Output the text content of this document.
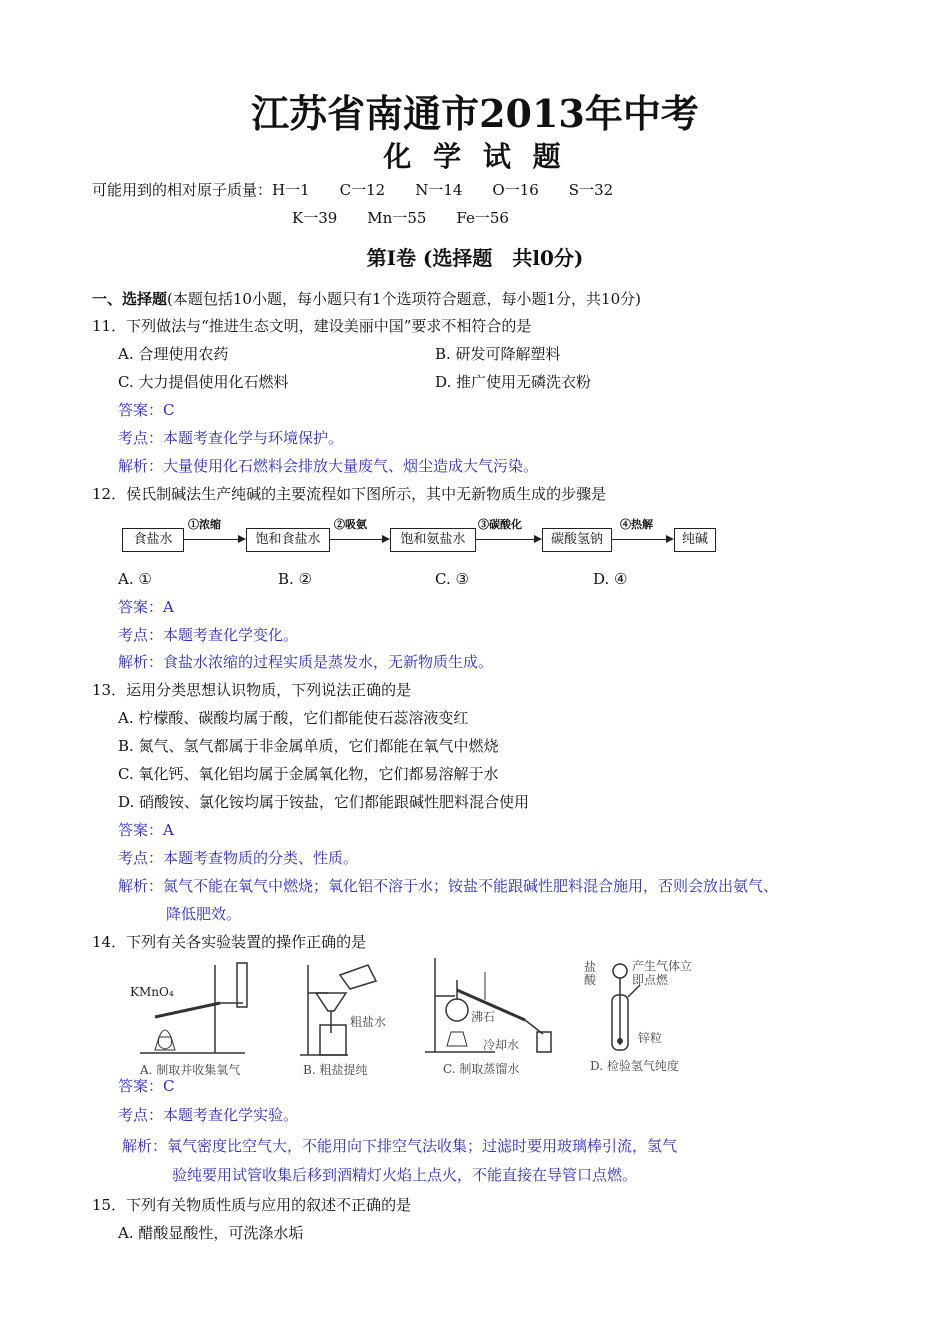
江苏省南通市2013年中考
化 学 试 题
可能用到的相对原子质量：H一1　　C一12　　N一14　　O一16　　S一32
K一39　　Mn一55　　Fe一56
第Ⅰ卷 (选择题　共l0分)
一、选择题(本题包括10小题，每小题只有1个选项符合题意，每小题1分，共10分)
11．下列做法与“推进生态文明，建设美丽中国”要求不相符合的是
A. 合理使用农药	B. 研发可降解塑料
C. 大力提倡使用化石燃料	D. 推广使用无磷洗衣粉
答案：C
考点：本题考查化学与环境保护。
解析：大量使用化石燃料会排放大量废气、烟尘造成大气污染。
12．侯氏制碱法生产纯碱的主要流程如下图所示，其中无新物质生成的步骤是
食盐水
①浓缩
饱和食盐水
②吸氨
饱和氨盐水
③碳酸化
碳酸氢钠
④热解
纯碱
A. ①	B. ②	C. ③	D. ④
答案：A
考点：本题考查化学变化。
解析：食盐水浓缩的过程实质是蒸发水，无新物质生成。
13．运用分类思想认识物质，下列说法正确的是
A. 柠檬酸、碳酸均属于酸，它们都能使石蕊溶液变红
B. 氮气、氢气都属于非金属单质，它们都能在氧气中燃烧
C. 氧化钙、氧化铝均属于金属氧化物，它们都易溶解于水
D. 硝酸铵、氯化铵均属于铵盐，它们都能跟碱性肥料混合使用
答案：A
考点：本题考查物质的分类、性质。
解析：氮气不能在氧气中燃烧；氧化铝不溶于水；铵盐不能跟碱性肥料混合施用，否则会放出氨气、
降低肥效。
14．下列有关各实验装置的操作正确的是
KMnO₄
A. 制取并收集氧气
粗盐水
B. 粗盐提纯
沸石
冷却水
C. 制取蒸馏水
盐酸
产生气体立即点燃
锌粒
D. 检验氢气纯度
答案：C
考点：本题考查化学实验。
解析：氧气密度比空气大，不能用向下排空气法收集；过滤时要用玻璃棒引流，氢气
验纯要用试管收集后移到酒精灯火焰上点火，不能直接在导管口点燃。
15．下列有关物质性质与应用的叙述不正确的是
A. 醋酸显酸性，可洗涤水垢
